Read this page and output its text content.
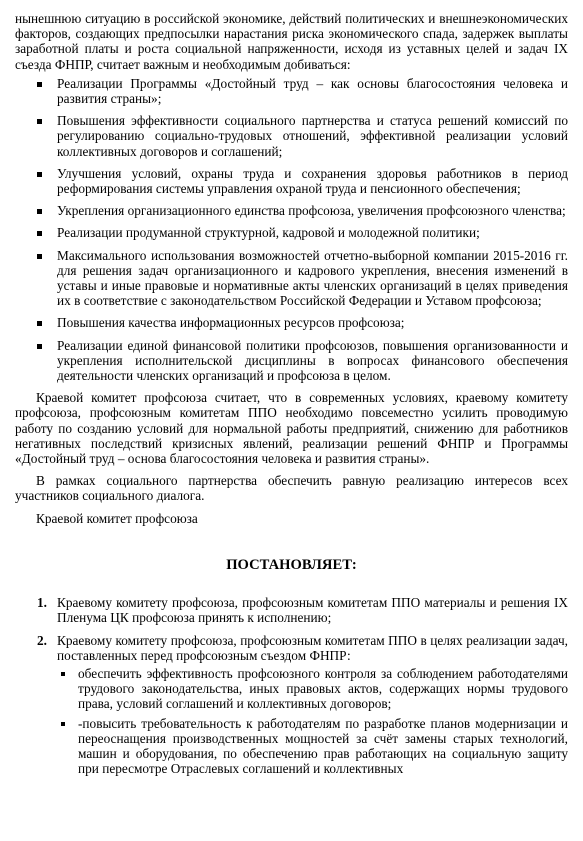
нынешнюю ситуацию в российской экономике, действий политических и внешнеэкономических факторов, создающих предпосылки нарастания риска экономического спада, задержек выплаты заработной платы и роста социальной напряженности, исходя из уставных целей и задач IX съезда ФНПР, считает важным и необходимым добиваться:

Реализации Программы «Достойный труд – как основы благосостояния человека и развития страны»;
Повышения эффективности социального партнерства и статуса решений комиссий по регулированию социально-трудовых отношений, эффективной реализации условий коллективных договоров и соглашений;
Улучшения условий, охраны труда и сохранения здоровья работников в период реформирования системы управления охраной труда и пенсионного обеспечения;
Укрепления организационного единства профсоюза, увеличения профсоюзного членства;
Реализации продуманной структурной, кадровой и молодежной политики;
Максимального использования возможностей отчетно-выборной компании 2015-2016 гг. для решения задач организационного и кадрового укрепления, внесения изменений в уставы и иные правовые и нормативные акты членских организаций в целях приведения их в соответствие с законодательством Российской Федерации и Уставом профсоюза;
Повышения качества информационных ресурсов профсоюза;
Реализации единой финансовой политики профсоюзов, повышения организованности и укрепления исполнительской дисциплины в вопросах финансового обеспечения деятельности членских организаций и профсоюза в целом.

Краевой комитет профсоюза считает, что в современных условиях, краевому комитету профсоюза, профсоюзным комитетам ППО необходимо повсеместно усилить проводимую работу по созданию условий для нормальной работы предприятий, снижению для работников негативных последствий кризисных явлений, реализации решений ФНПР и Программы «Достойный труд – основа благосостояния человека и развития страны».

В рамках социального партнерства обеспечить равную реализацию интересов всех участников социального диалога.

Краевой комитет профсоюза

ПОСТАНОВЛЯЕТ:

1. Краевому комитету профсоюза, профсоюзным комитетам ППО материалы и решения IX Пленума ЦК профсоюза принять к исполнению;
2. Краевому комитету профсоюза, профсоюзным комитетам ППО в целях реализации задач, поставленных перед профсоюзным съездом ФНПР:
обеспечить эффективность профсоюзного контроля за соблюдением работодателями трудового законодательства, иных правовых актов, содержащих нормы трудового права, условий соглашений и коллективных договоров;
-повысить требовательность к работодателям по разработке планов модернизации и переоснащения производственных мощностей за счёт замены старых технологий, машин и оборудования, по обеспечению прав работающих на социальную защиту при пересмотре Отраслевых соглашений и коллективных
